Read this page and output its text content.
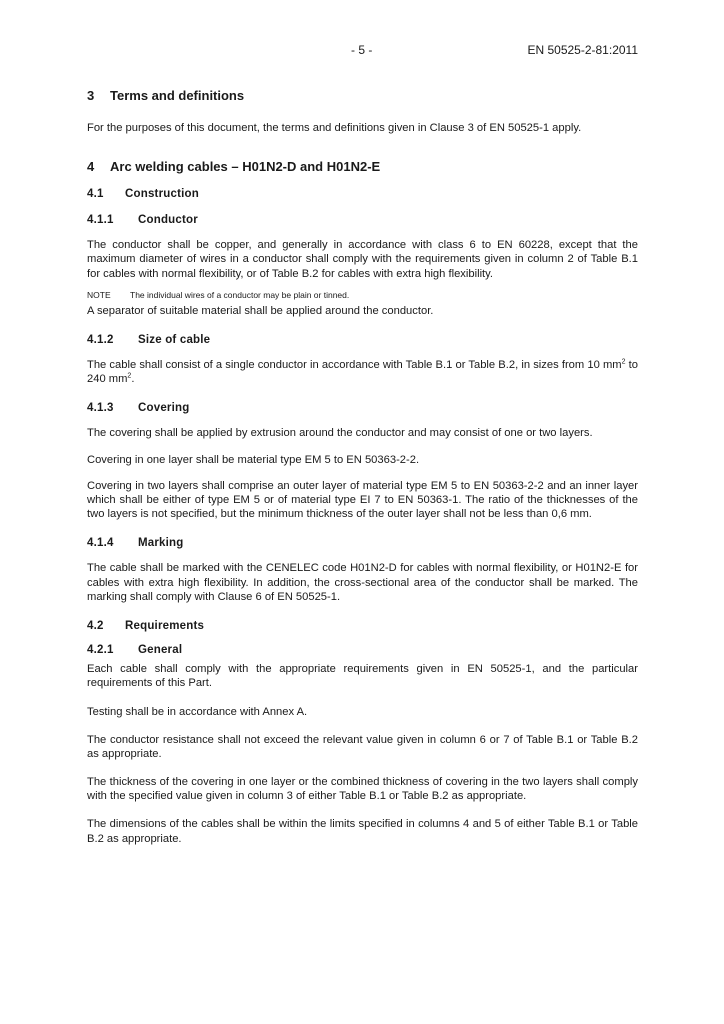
- 5 -	EN 50525-2-81:2011
3 Terms and definitions

For the purposes of this document, the terms and definitions given in Clause 3 of EN 50525-1 apply.

4 Arc welding cables – H01N2-D and H01N2-E
4.1 Construction
4.1.1 Conductor

The conductor shall be copper, and generally in accordance with class 6 to EN 60228, except that the maximum diameter of wires in a conductor shall comply with the requirements given in column 2 of Table B.1 for cables with normal flexibility, or of Table B.2 for cables with extra high flexibility.

NOTE The individual wires of a conductor may be plain or tinned.

A separator of suitable material shall be applied around the conductor.

4.1.2 Size of cable

The cable shall consist of a single conductor in accordance with Table B.1 or Table B.2, in sizes from 10 $mm^2$ to 240 $mm^2$.

4.1.3 Covering

The covering shall be applied by extrusion around the conductor and may consist of one or two layers.

Covering in one layer shall be material type EM 5 to EN 50363-2-2.

Covering in two layers shall comprise an outer layer of material type EM 5 to EN 50363-2-2 and an inner layer which shall be either of type EM 5 or of material type EI 7 to EN 50363-1. The ratio of the thicknesses of the two layers is not specified, but the minimum thickness of the outer layer shall not be less than 0,6 mm.

4.1.4 Marking

The cable shall be marked with the CENELEC code H01N2-D for cables with normal flexibility, or H01N2-E for cables with extra high flexibility. In addition, the cross-sectional area of the conductor shall be marked. The marking shall comply with Clause 6 of EN 50525-1.

4.2 Requirements
4.2.1 General

Each cable shall comply with the appropriate requirements given in EN 50525-1, and the particular requirements of this Part.

Testing shall be in accordance with Annex A.

The conductor resistance shall not exceed the relevant value given in column 6 or 7 of Table B.1 or Table B.2 as appropriate.

The thickness of the covering in one layer or the combined thickness of covering in the two layers shall comply with the specified value given in column 3 of either Table B.1 or Table B.2 as appropriate.

The dimensions of the cables shall be within the limits specified in columns 4 and 5 of either Table B.1 or Table B.2 as appropriate.
